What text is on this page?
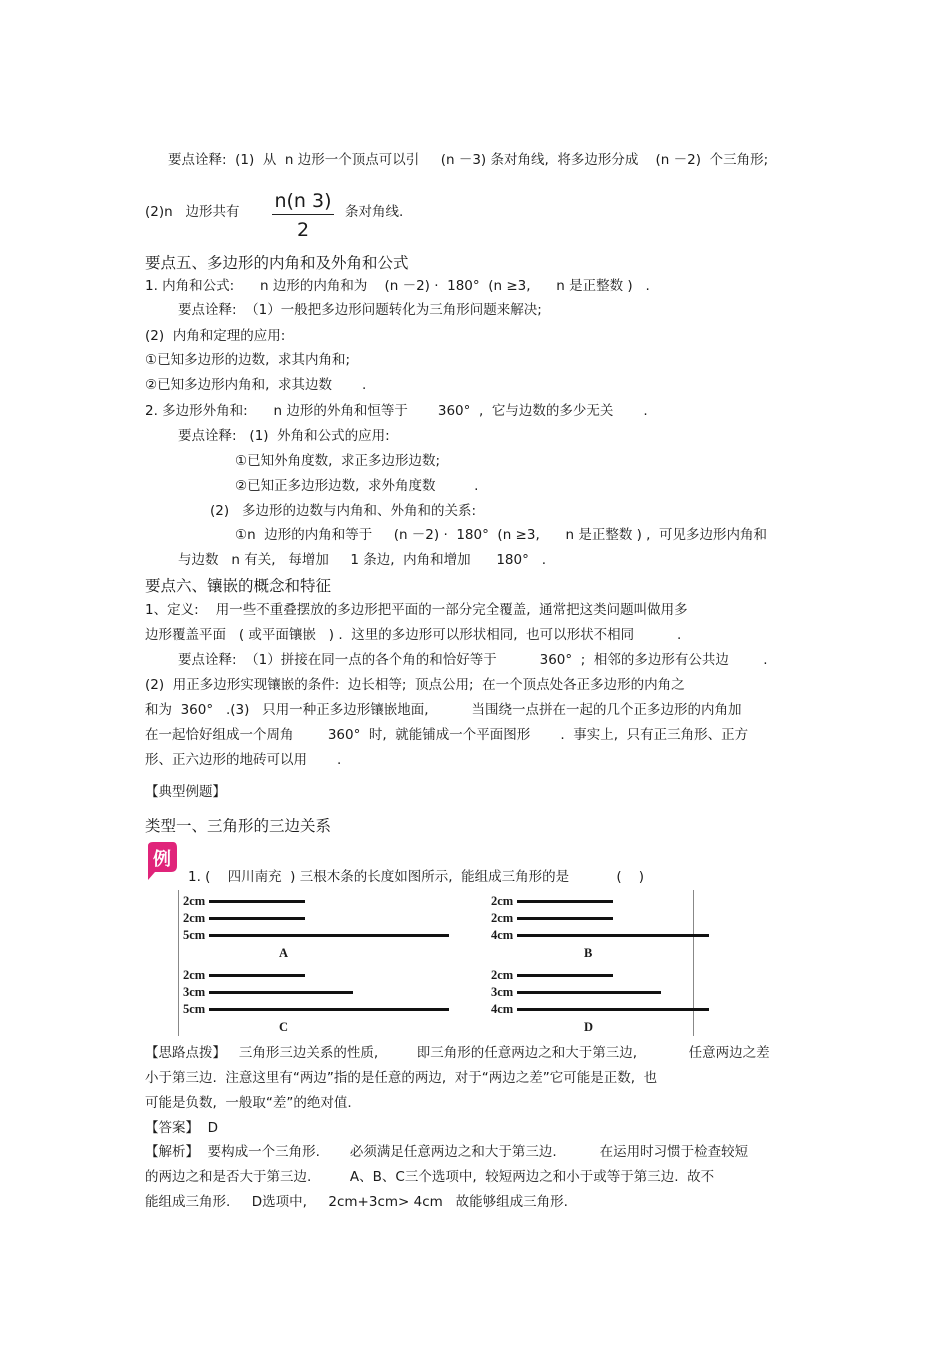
要点诠释:  (1)  从  n 边形一个顶点可以引     (n －3) 条对角线,  将多边形分成    (n －2)  个三角形;
(2)n   边形共有	n(n 3)
2
条对角线.
要点五、多边形的内角和及外角和公式
1. 内角和公式:      n 边形的内角和为    (n －2) ·  180°  (n ≥3,      n 是正整数 )   .
要点诠释:  （1）一般把多边形问题转化为三角形问题来解决;
(2)  内角和定理的应用:
①已知多边形的边数,  求其内角和;
②已知多边形内角和,  求其边数       .
2. 多边形外角和:      n 边形的外角和恒等于       360°  ,  它与边数的多少无关       .
要点诠释:   (1)  外角和公式的应用:
①已知外角度数,  求正多边形边数;
②已知正多边形边数,  求外角度数         .
(2)   多边形的边数与内角和、外角和的关系:
①n  边形的内角和等于     (n －2) ·  180°  (n ≥3,      n 是正整数 ) ,  可见多边形内角和
与边数   n 有关,   每增加     1 条边,  内角和增加      180°   .
要点六、镶嵌的概念和特征
1、定义:    用一些不重叠摆放的多边形把平面的一部分完全覆盖,  通常把这类问题叫做用多
边形覆盖平面   ( 或平面镶嵌   ) .  这里的多边形可以形状相同,  也可以形状不相同          .
要点诠释:  （1）拼接在同一点的各个角的和恰好等于          360°  ;  相邻的多边形有公共边        .
(2)  用正多边形实现镶嵌的条件:  边长相等;  顶点公用;  在一个顶点处各正多边形的内角之
和为  360°   .(3)   只用一种正多边形镶嵌地面,          当围绕一点拼在一起的几个正多边形的内角加
在一起恰好组成一个周角        360°  时,  就能铺成一个平面图形       .  事实上,  只有正三角形、正方
形、正六边形的地砖可以用       .
【典型例题】
类型一、三角形的三边关系
例
1. (    四川南充  ) 三根木条的长度如图所示,  能组成三角形的是           (    )
2cm
2cm
5cm
A
2cm
2cm
4cm
B
2cm
3cm
5cm
C
2cm
3cm
4cm
D
【思路点拨】   三角形三边关系的性质,         即三角形的任意两边之和大于第三边,            任意两边之差
小于第三边.  注意这里有“两边”指的是任意的两边,  对于“两边之差”它可能是正数,  也
可能是负数,  一般取“差”的绝对值.
【答案】  D
【解析】  要构成一个三角形.       必须满足任意两边之和大于第三边.          在运用时习惯于检查较短
的两边之和是否大于第三边.         A、B、C三个选项中,  较短两边之和小于或等于第三边.  故不
能组成三角形.     D选项中,     2cm+3cm> 4cm   故能够组成三角形.
